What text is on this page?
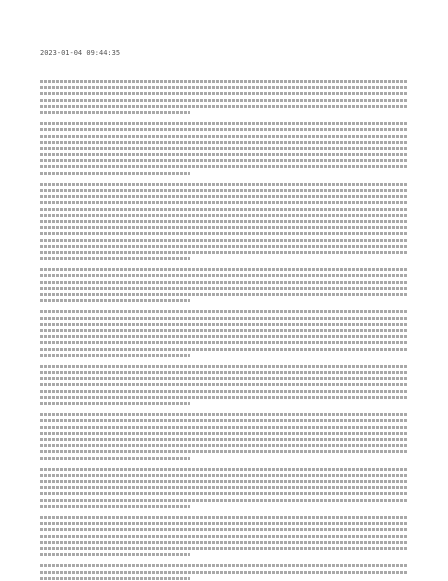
2023-01-04 09:44:35
